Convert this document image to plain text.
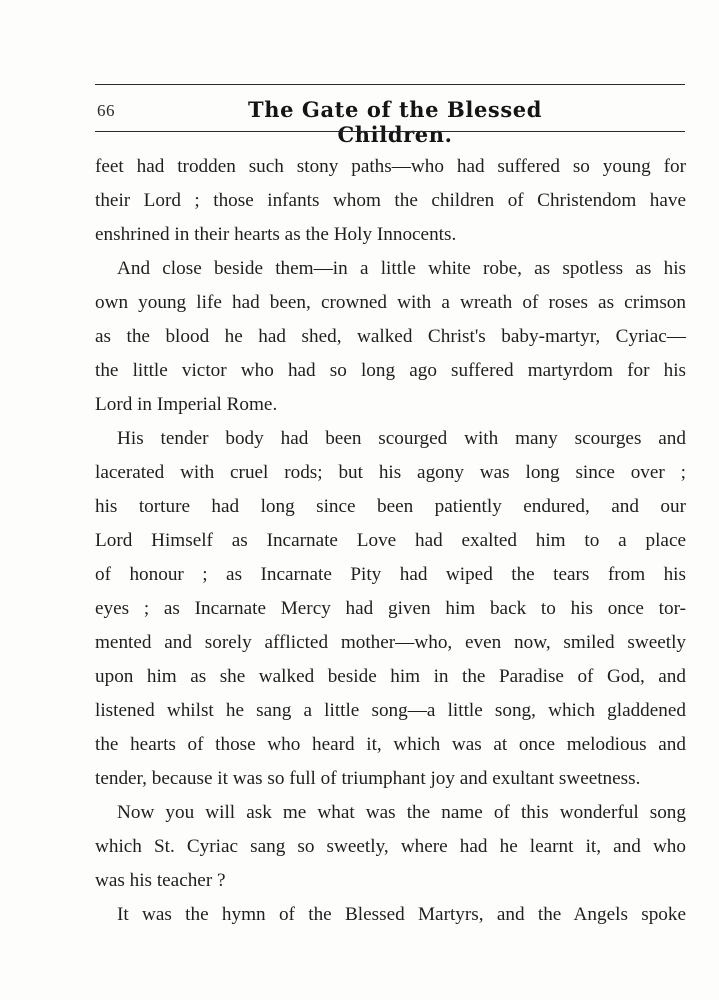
66	The Gate of the Blessed Children.
feet had trodden such stony paths—who had suffered so young for
their Lord ; those infants whom the children of Christendom have
enshrined in their hearts as the Holy Innocents.
And close beside them—in a little white robe, as spotless as his
own young life had been, crowned with a wreath of roses as crimson
as the blood he had shed, walked Christ's baby-martyr, Cyriac—
the little victor who had so long ago suffered martyrdom for his
Lord in Imperial Rome.
His tender body had been scourged with many scourges and
lacerated with cruel rods; but his agony was long since over ;
his torture had long since been patiently endured, and our
Lord Himself as Incarnate Love had exalted him to a place
of honour ; as Incarnate Pity had wiped the tears from his
eyes ; as Incarnate Mercy had given him back to his once tor-
mented and sorely afflicted mother—who, even now, smiled sweetly
upon him as she walked beside him in the Paradise of God, and
listened whilst he sang a little song—a little song, which gladdened
the hearts of those who heard it, which was at once melodious and
tender, because it was so full of triumphant joy and exultant sweetness.
Now you will ask me what was the name of this wonderful song
which St. Cyriac sang so sweetly, where had he learnt it, and who
was his teacher ?
It was the hymn of the Blessed Martyrs, and the Angels spoke
